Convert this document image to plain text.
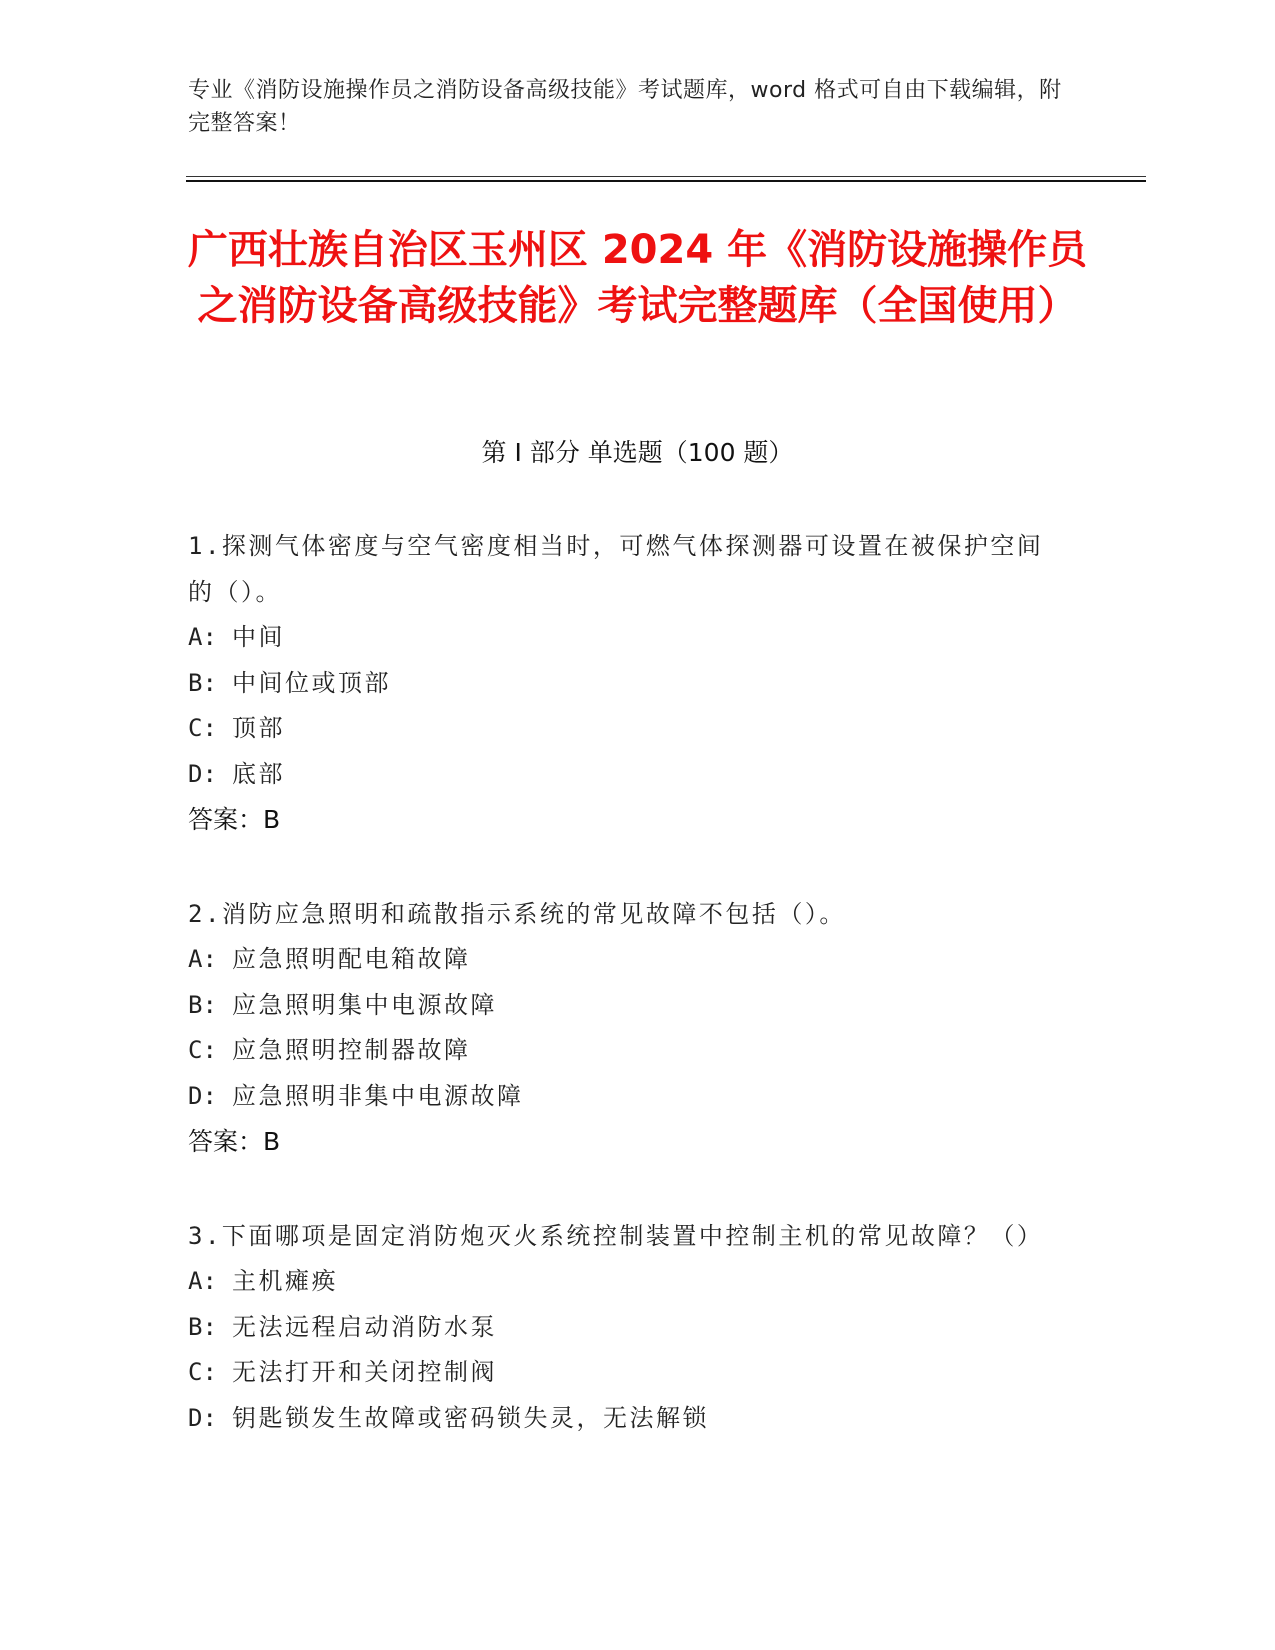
专业《消防设施操作员之消防设备高级技能》考试题库，word 格式可自由下载编辑，附完整答案！
广西壮族自治区玉州区 2024 年《消防设施操作员之消防设备高级技能》考试完整题库（全国使用）
第 I 部分 单选题（100 题）
1.探测气体密度与空气密度相当时，可燃气体探测器可设置在被保护空间的（）。
A: 中间
B: 中间位或顶部
C: 顶部
D: 底部
答案：B
2.消防应急照明和疏散指示系统的常见故障不包括（）。
A: 应急照明配电箱故障
B: 应急照明集中电源故障
C: 应急照明控制器故障
D: 应急照明非集中电源故障
答案：B
3.下面哪项是固定消防炮灭火系统控制装置中控制主机的常见故障？（）
A: 主机瘫痪
B: 无法远程启动消防水泵
C: 无法打开和关闭控制阀
D: 钥匙锁发生故障或密码锁失灵，无法解锁
